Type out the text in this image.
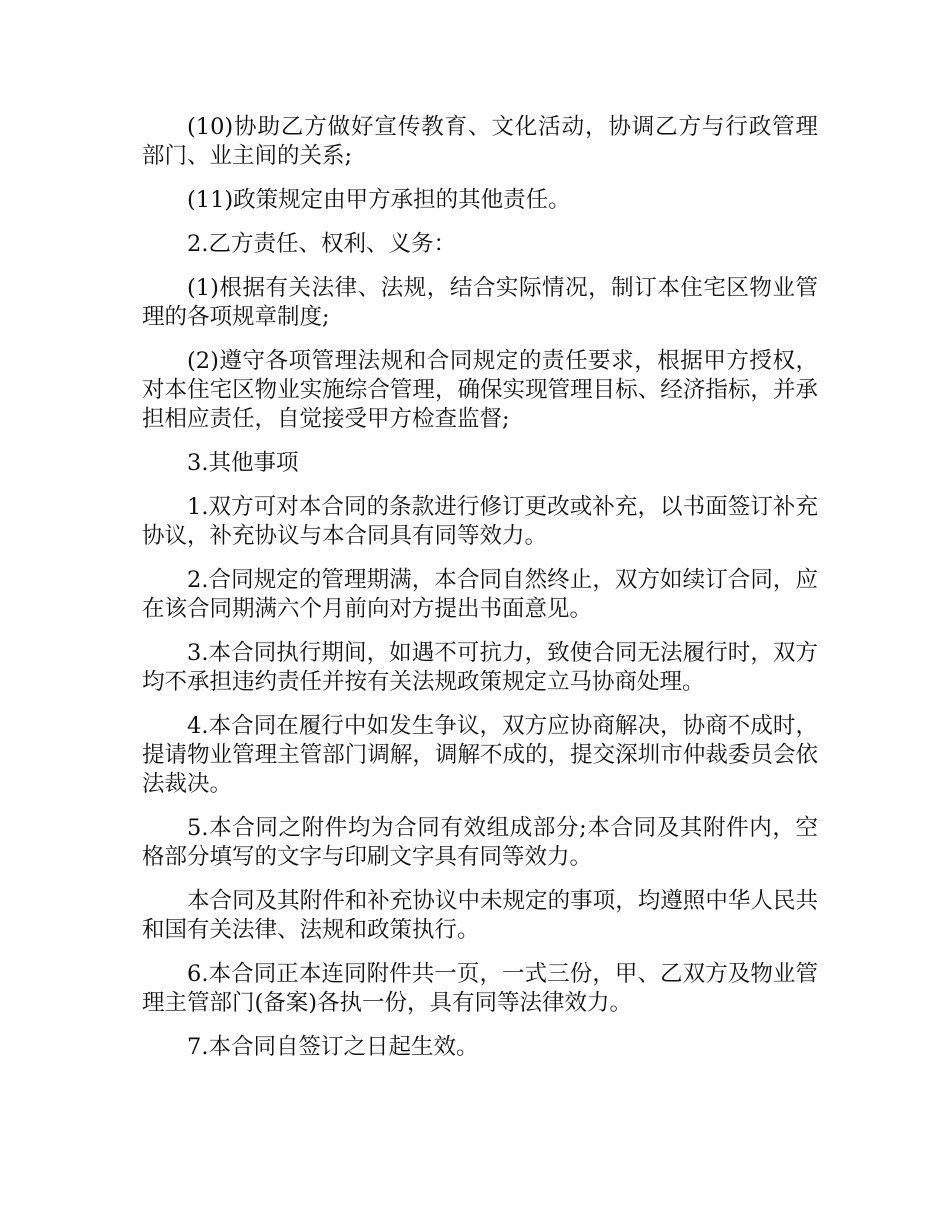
(10)协助乙方做好宣传教育、文化活动，协调乙方与行政管理部门、业主间的关系;

(11)政策规定由甲方承担的其他责任。

2.乙方责任、权利、义务：

(1)根据有关法律、法规，结合实际情况，制订本住宅区物业管理的各项规章制度;

(2)遵守各项管理法规和合同规定的责任要求，根据甲方授权，对本住宅区物业实施综合管理，确保实现管理目标、经济指标，并承担相应责任，自觉接受甲方检查监督;

3.其他事项

1.双方可对本合同的条款进行修订更改或补充，以书面签订补充协议，补充协议与本合同具有同等效力。

2.合同规定的管理期满，本合同自然终止，双方如续订合同，应在该合同期满六个月前向对方提出书面意见。

3.本合同执行期间，如遇不可抗力，致使合同无法履行时，双方均不承担违约责任并按有关法规政策规定立马协商处理。

4.本合同在履行中如发生争议，双方应协商解决，协商不成时，提请物业管理主管部门调解，调解不成的，提交深圳市仲裁委员会依法裁决。

5.本合同之附件均为合同有效组成部分;本合同及其附件内，空格部分填写的文字与印刷文字具有同等效力。

本合同及其附件和补充协议中未规定的事项，均遵照中华人民共和国有关法律、法规和政策执行。

6.本合同正本连同附件共一页，一式三份，甲、乙双方及物业管理主管部门(备案)各执一份，具有同等法律效力。

7.本合同自签订之日起生效。
